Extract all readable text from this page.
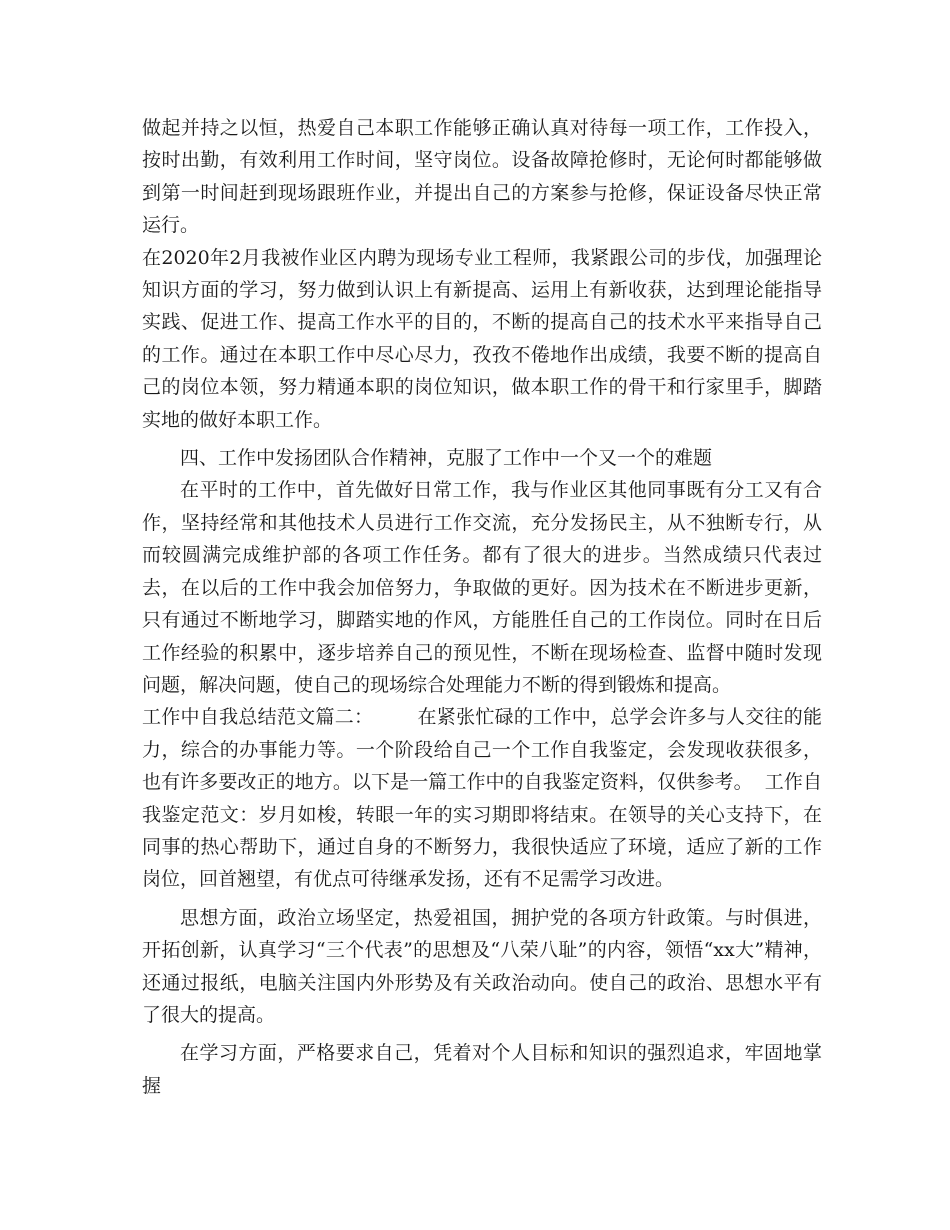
做起并持之以恒，热爱自己本职工作能够正确认真对待每一项工作，工作投入，按时出勤，有效利用工作时间，坚守岗位。设备故障抢修时，无论何时都能够做到第一时间赶到现场跟班作业，并提出自己的方案参与抢修，保证设备尽快正常运行。

在2020年2月我被作业区内聘为现场专业工程师，我紧跟公司的步伐，加强理论知识方面的学习，努力做到认识上有新提高、运用上有新收获，达到理论能指导实践、促进工作、提高工作水平的目的，不断的提高自己的技术水平来指导自己的工作。通过在本职工作中尽心尽力，孜孜不倦地作出成绩，我要不断的提高自己的岗位本领，努力精通本职的岗位知识，做本职工作的骨干和行家里手，脚踏实地的做好本职工作。

四、工作中发扬团队合作精神，克服了工作中一个又一个的难题

在平时的工作中，首先做好日常工作，我与作业区其他同事既有分工又有合作，坚持经常和其他技术人员进行工作交流，充分发扬民主，从不独断专行，从而较圆满完成维护部的各项工作任务。都有了很大的进步。当然成绩只代表过去，在以后的工作中我会加倍努力，争取做的更好。因为技术在不断进步更新，只有通过不断地学习，脚踏实地的作风，方能胜任自己的工作岗位。同时在日后工作经验的积累中，逐步培养自己的预见性，不断在现场检查、监督中随时发现问题，解决问题，使自己的现场综合处理能力不断的得到锻炼和提高。

工作中自我总结范文篇二： 在紧张忙碌的工作中，总学会许多与人交往的能力，综合的办事能力等。一个阶段给自己一个工作自我鉴定，会发现收获很多，也有许多要改正的地方。以下是一篇工作中的自我鉴定资料，仅供参考。 工作自我鉴定范文：岁月如梭，转眼一年的实习期即将结束。在领导的关心支持下，在同事的热心帮助下，通过自身的不断努力，我很快适应了环境，适应了新的工作岗位，回首翘望，有优点可待继承发扬，还有不足需学习改进。

思想方面，政治立场坚定，热爱祖国，拥护党的各项方针政策。与时俱进，开拓创新，认真学习“三个代表”的思想及“八荣八耻”的内容，领悟“xx大”精神，还通过报纸，电脑关注国内外形势及有关政治动向。使自己的政治、思想水平有了很大的提高。

在学习方面，严格要求自己，凭着对个人目标和知识的强烈追求，牢固地掌握
